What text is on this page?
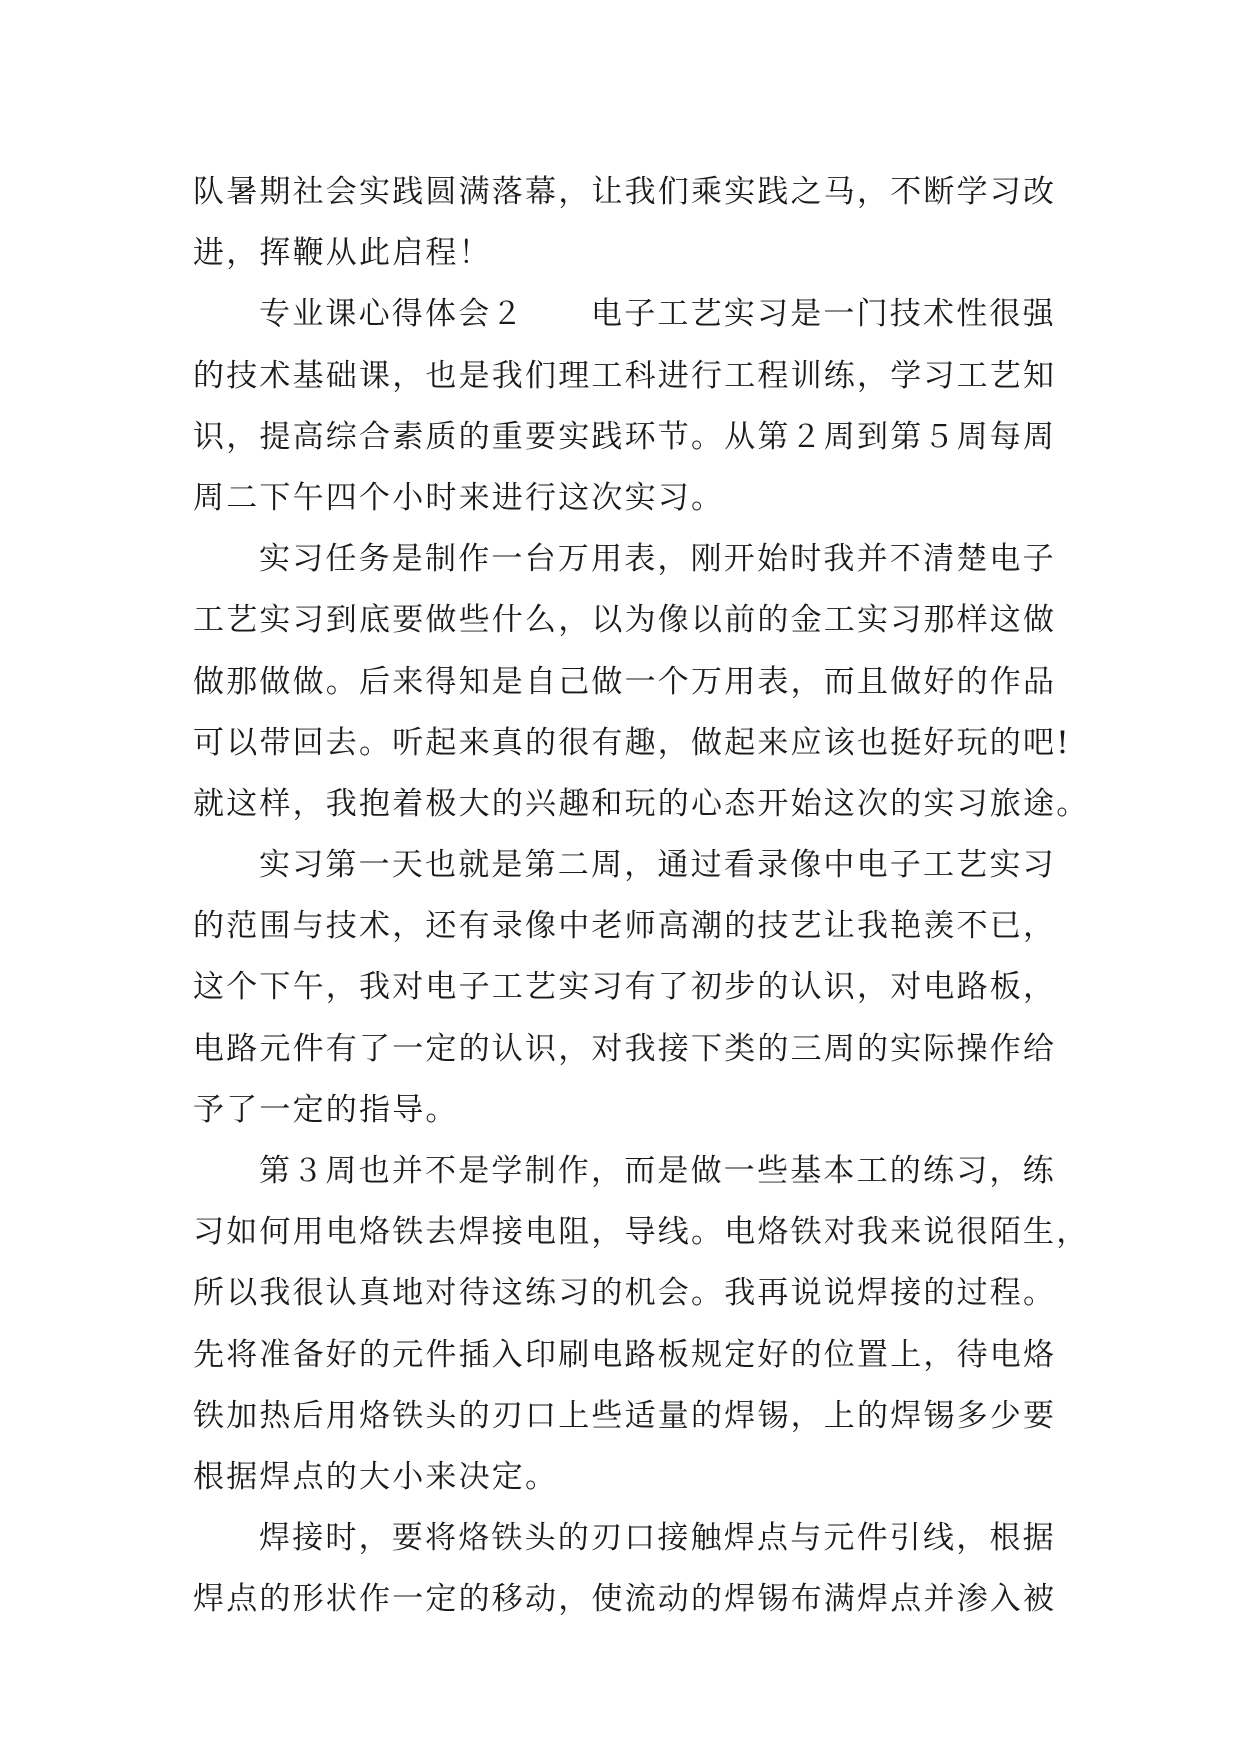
队暑期社会实践圆满落幕，让我们乘实践之马，不断学习改
进，挥鞭从此启程！
专业课心得体会２　　电子工艺实习是一门技术性很强
的技术基础课，也是我们理工科进行工程训练，学习工艺知
识，提高综合素质的重要实践环节。从第２周到第５周每周
周二下午四个小时来进行这次实习。
实习任务是制作一台万用表，刚开始时我并不清楚电子
工艺实习到底要做些什么，以为像以前的金工实习那样这做
做那做做。后来得知是自己做一个万用表，而且做好的作品
可以带回去。听起来真的很有趣，做起来应该也挺好玩的吧!
就这样，我抱着极大的兴趣和玩的心态开始这次的实习旅途。
实习第一天也就是第二周，通过看录像中电子工艺实习
的范围与技术，还有录像中老师高潮的技艺让我艳羡不已，
这个下午，我对电子工艺实习有了初步的认识，对电路板，
电路元件有了一定的认识，对我接下类的三周的实际操作给
予了一定的指导。
第３周也并不是学制作，而是做一些基本工的练习，练
习如何用电烙铁去焊接电阻，导线。电烙铁对我来说很陌生，
所以我很认真地对待这练习的机会。我再说说焊接的过程。
先将准备好的元件插入印刷电路板规定好的位置上，待电烙
铁加热后用烙铁头的刃口上些适量的焊锡，上的焊锡多少要
根据焊点的大小来决定。
焊接时，要将烙铁头的刃口接触焊点与元件引线，根据
焊点的形状作一定的移动，使流动的焊锡布满焊点并渗入被
